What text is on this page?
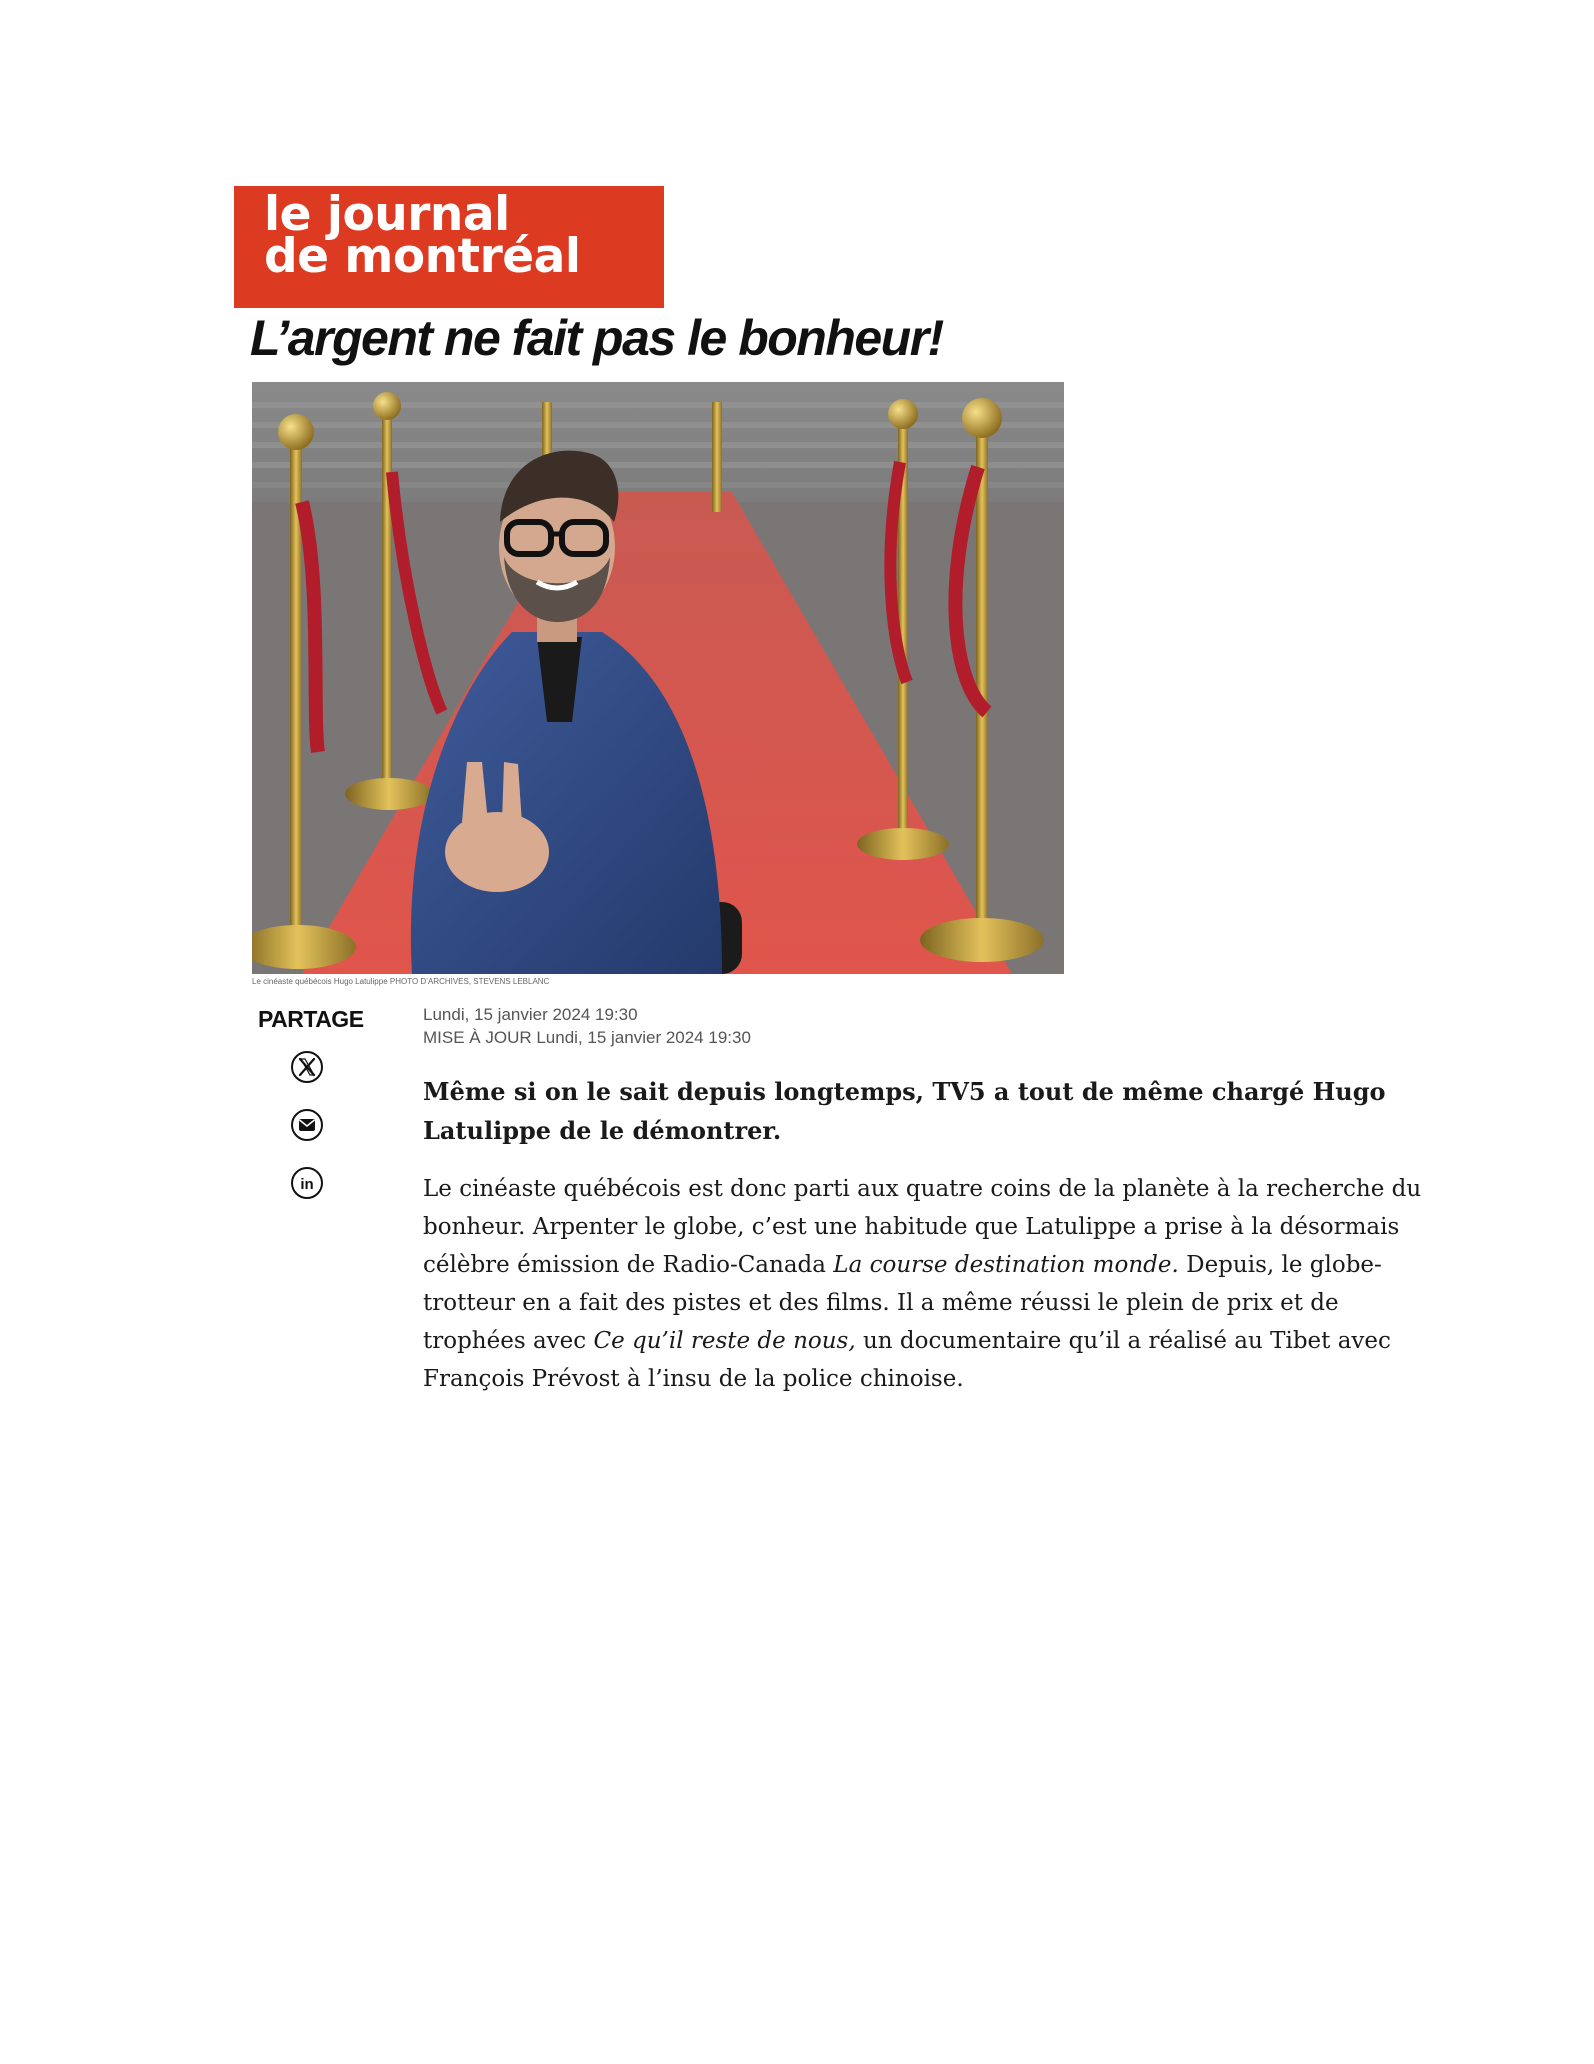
le journal
de montréal
L’argent ne fait pas le bonheur!
Le cinéaste québécois Hugo Latulippe PHOTO D’ARCHIVES, STEVENS LEBLANC
PARTAGE
in
Lundi, 15 janvier 2024 19:30
MISE À JOUR Lundi, 15 janvier 2024 19:30

Même si on le sait depuis longtemps, TV5 a tout de même chargé Hugo Latulippe de le démontrer.

Le cinéaste québécois est donc parti aux quatre coins de la planète à la recherche du bonheur. Arpenter le globe, c’est une habitude que Latulippe a prise à la désormais célèbre émission de Radio-Canada La course destination monde. Depuis, le globe-trotteur en a fait des pistes et des films. Il a même réussi le plein de prix et de trophées avec Ce qu’il reste de nous, un documentaire qu’il a réalisé au Tibet avec François Prévost à l’insu de la police chinoise.
